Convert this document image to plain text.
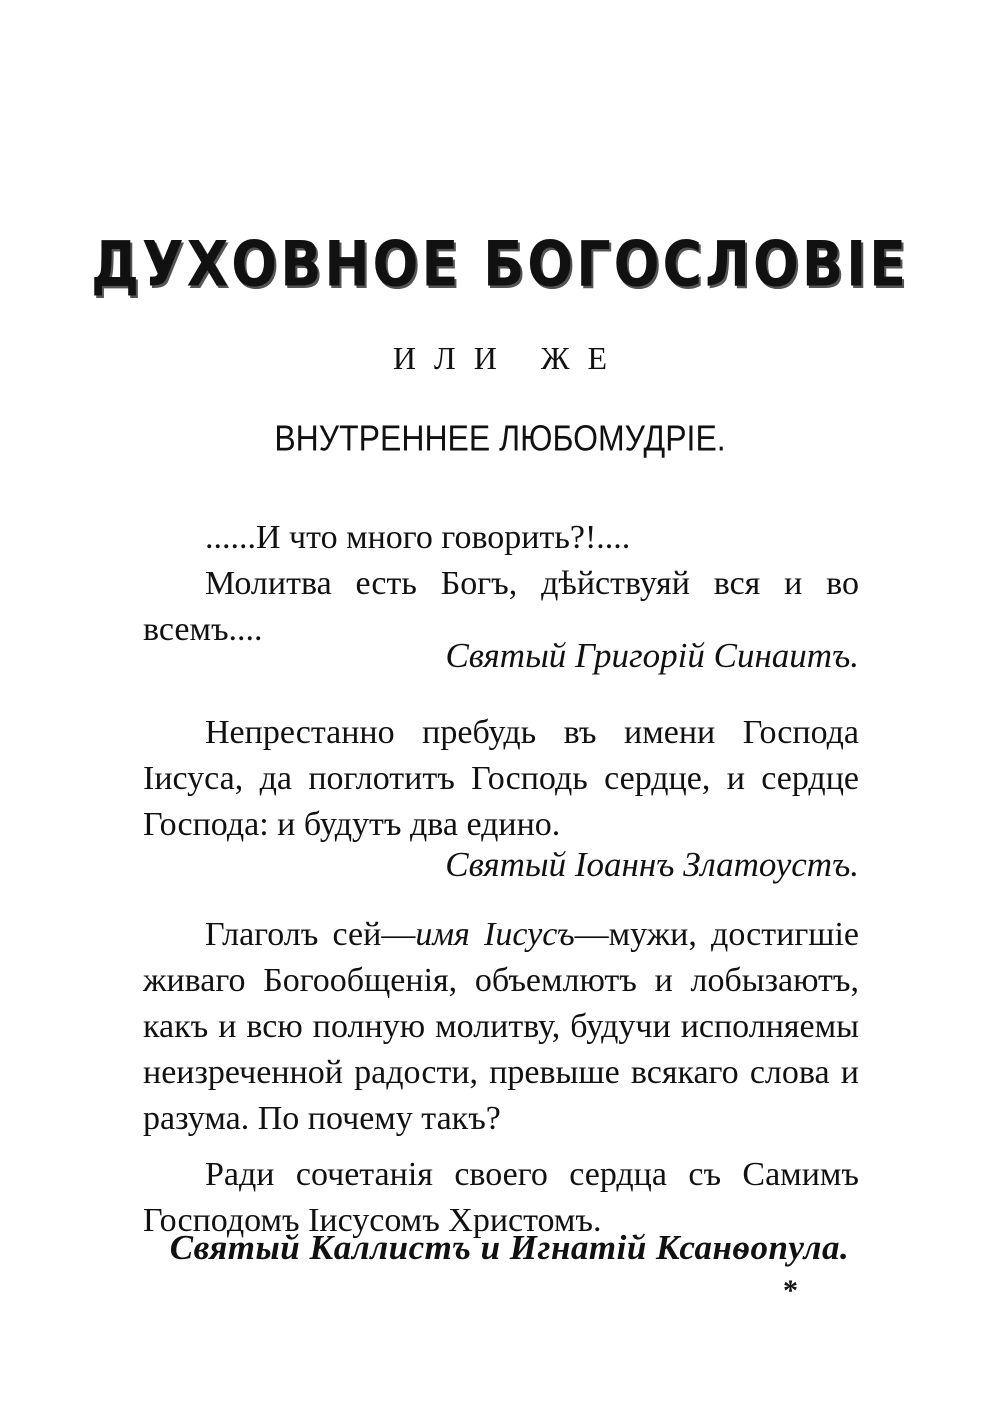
ДУХОВНОЕ БОГОСЛОВІЕ
ИЛИ ЖЕ
ВНУТРЕННЕЕ ЛЮБОМУДРІЕ.

......И что много говорить?!....

Молитва есть Богъ, дѣйствуяй вся и во всемъ....

Святый Григорій Синаитъ.

Непрестанно пребудь въ имени Господа Іисуса, да поглотитъ Господь сердце, и сердце Господа: и будутъ два едино.

Святый Іоаннъ Златоустъ.

Глаголъ сей—имя Іисусъ—мужи, достигшіе живаго Богообщенія, объемлютъ и лобызаютъ, какъ и всю полную молитву, будучи исполняемы неизреченной радости, превыше всякаго слова и разума. По почему такъ?

Ради сочетанія своего сердца съ Самимъ Господомъ Іисусомъ Христомъ.

Святый Каллистъ и Игнатій Ксанѳопула.
*
